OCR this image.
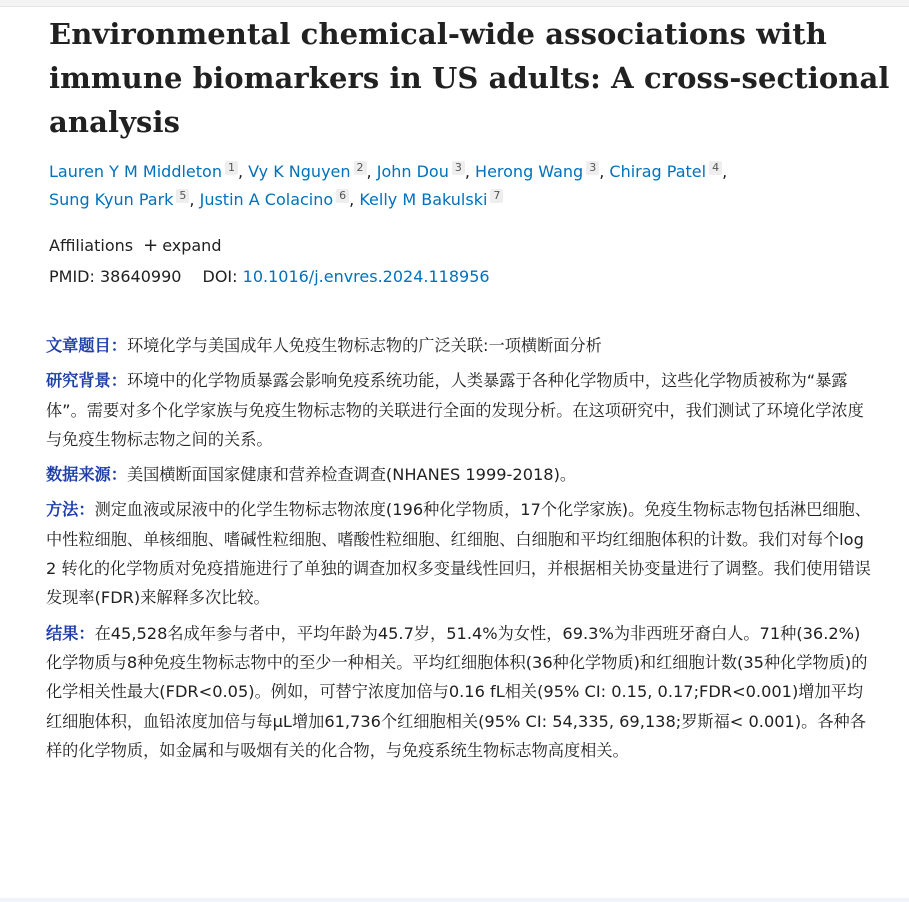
Environmental chemical-wide associations with immune biomarkers in US adults: A cross-sectional analysis
Lauren Y M Middleton 1 , Vy K Nguyen 2 , John Dou 3 , Herong Wang 3 , Chirag Patel 4 ,
Sung Kyun Park 5 , Justin A Colacino 6 , Kelly M Bakulski 7
Affiliations + expand
PMID: 38640990 DOI: 10.1016/j.envres.2024.118956

文章题目：环境化学与美国成年人免疫生物标志物的广泛关联:一项横断面分析

研究背景：环境中的化学物质暴露会影响免疫系统功能，人类暴露于各种化学物质中，这些化学物质被称为“暴露体”。需要对多个化学家族与免疫生物标志物的关联进行全面的发现分析。在这项研究中，我们测试了环境化学浓度与免疫生物标志物之间的关系。

数据来源：美国横断面国家健康和营养检查调查(NHANES 1999-2018)。

方法：测定血液或尿液中的化学生物标志物浓度(196种化学物质，17个化学家族)。免疫生物标志物包括淋巴细胞、中性粒细胞、单核细胞、嗜碱性粒细胞、嗜酸性粒细胞、红细胞、白细胞和平均红细胞体积的计数。我们对每个log 2 转化的化学物质对免疫措施进行了单独的调查加权多变量线性回归，并根据相关协变量进行了调整。我们使用错误发现率(FDR)来解释多次比较。

结果：在45,528名成年参与者中，平均年龄为45.7岁，51.4%为女性，69.3%为非西班牙裔白人。71种(36.2%)化学物质与8种免疫生物标志物中的至少一种相关。平均红细胞体积(36种化学物质)和红细胞计数(35种化学物质)的化学相关性最大(FDR<0.05)。例如，可替宁浓度加倍与0.16 fL相关(95% CI: 0.15, 0.17;FDR<0.001)增加平均红细胞体积，血铅浓度加倍与每μL增加61,736个红细胞相关(95% CI: 54,335, 69,138;罗斯福< 0.001)。各种各样的化学物质，如金属和与吸烟有关的化合物，与免疫系统生物标志物高度相关。
